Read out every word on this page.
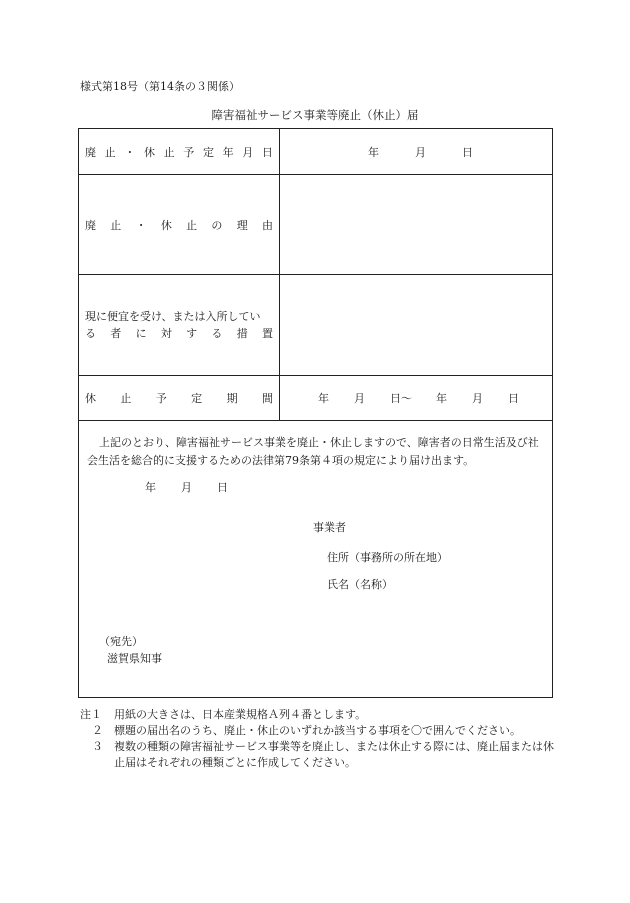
様式第18号（第14条の３関係）
障害福祉サービス事業等廃止（休止）届
廃 止 ・ 休 止 予 定 年 月 日	年	月	日
廃 止 ・ 休 止 の 理 由
現に便宜を受け、または入所してい
る 者 に 対 す る 措 置
休 止 予 定 期 間	年 月 日～ 年 月 日
上記のとおり、障害福祉サービス事業を廃止・休止しますので、障害者の日常生活及び社会生活を総合的に支援するための法律第79条第４項の規定により届け出ます。
年 月 日
事業者
住所（事務所の所在地）
氏名（名称）
（宛先）
滋賀県知事
注１	用紙の大きさは、日本産業規格Ａ列４番とします。
２	標題の届出名のうち、廃止・休止のいずれか該当する事項を〇で囲んでください。
３	複数の種類の障害福祉サービス事業等を廃止し、または休止する際には、廃止届または休止届はそれぞれの種類ごとに作成してください。
